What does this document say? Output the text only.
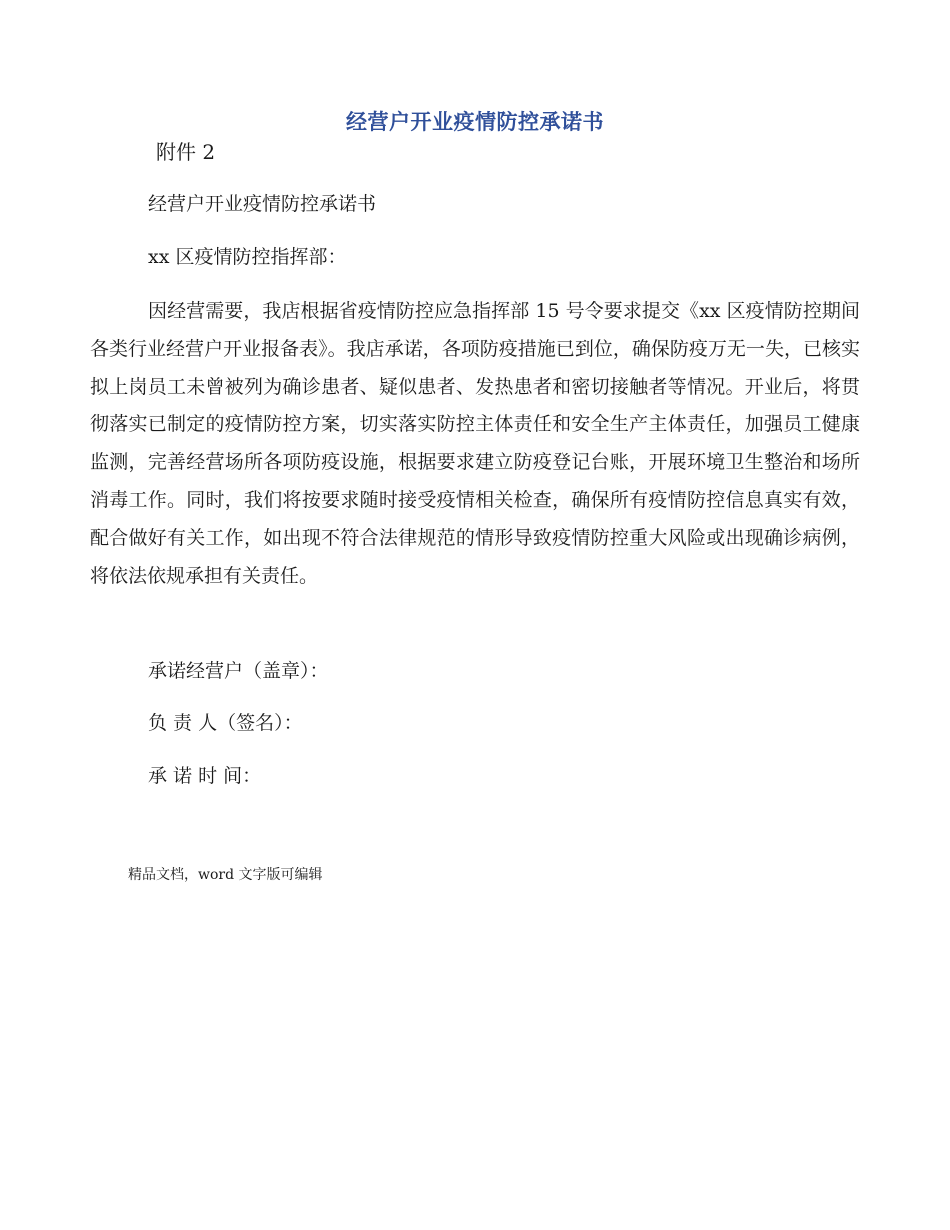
经营户开业疫情防控承诺书
附件 2
经营户开业疫情防控承诺书
xx 区疫情防控指挥部：
因经营需要，我店根据省疫情防控应急指挥部 15 号令要求提交《xx 区疫情防控期间各类行业经营户开业报备表》。我店承诺，各项防疫措施已到位，确保防疫万无一失，已核实拟上岗员工未曾被列为确诊患者、疑似患者、发热患者和密切接触者等情况。开业后，将贯彻落实已制定的疫情防控方案，切实落实防控主体责任和安全生产主体责任，加强员工健康监测，完善经营场所各项防疫设施，根据要求建立防疫登记台账，开展环境卫生整治和场所消毒工作。同时，我们将按要求随时接受疫情相关检查，确保所有疫情防控信息真实有效，配合做好有关工作，如出现不符合法律规范的情形导致疫情防控重大风险或出现确诊病例，将依法依规承担有关责任。
承诺经营户（盖章）：
负 责 人（签名）：
承 诺 时 间：
精品文档，word 文字版可编辑
